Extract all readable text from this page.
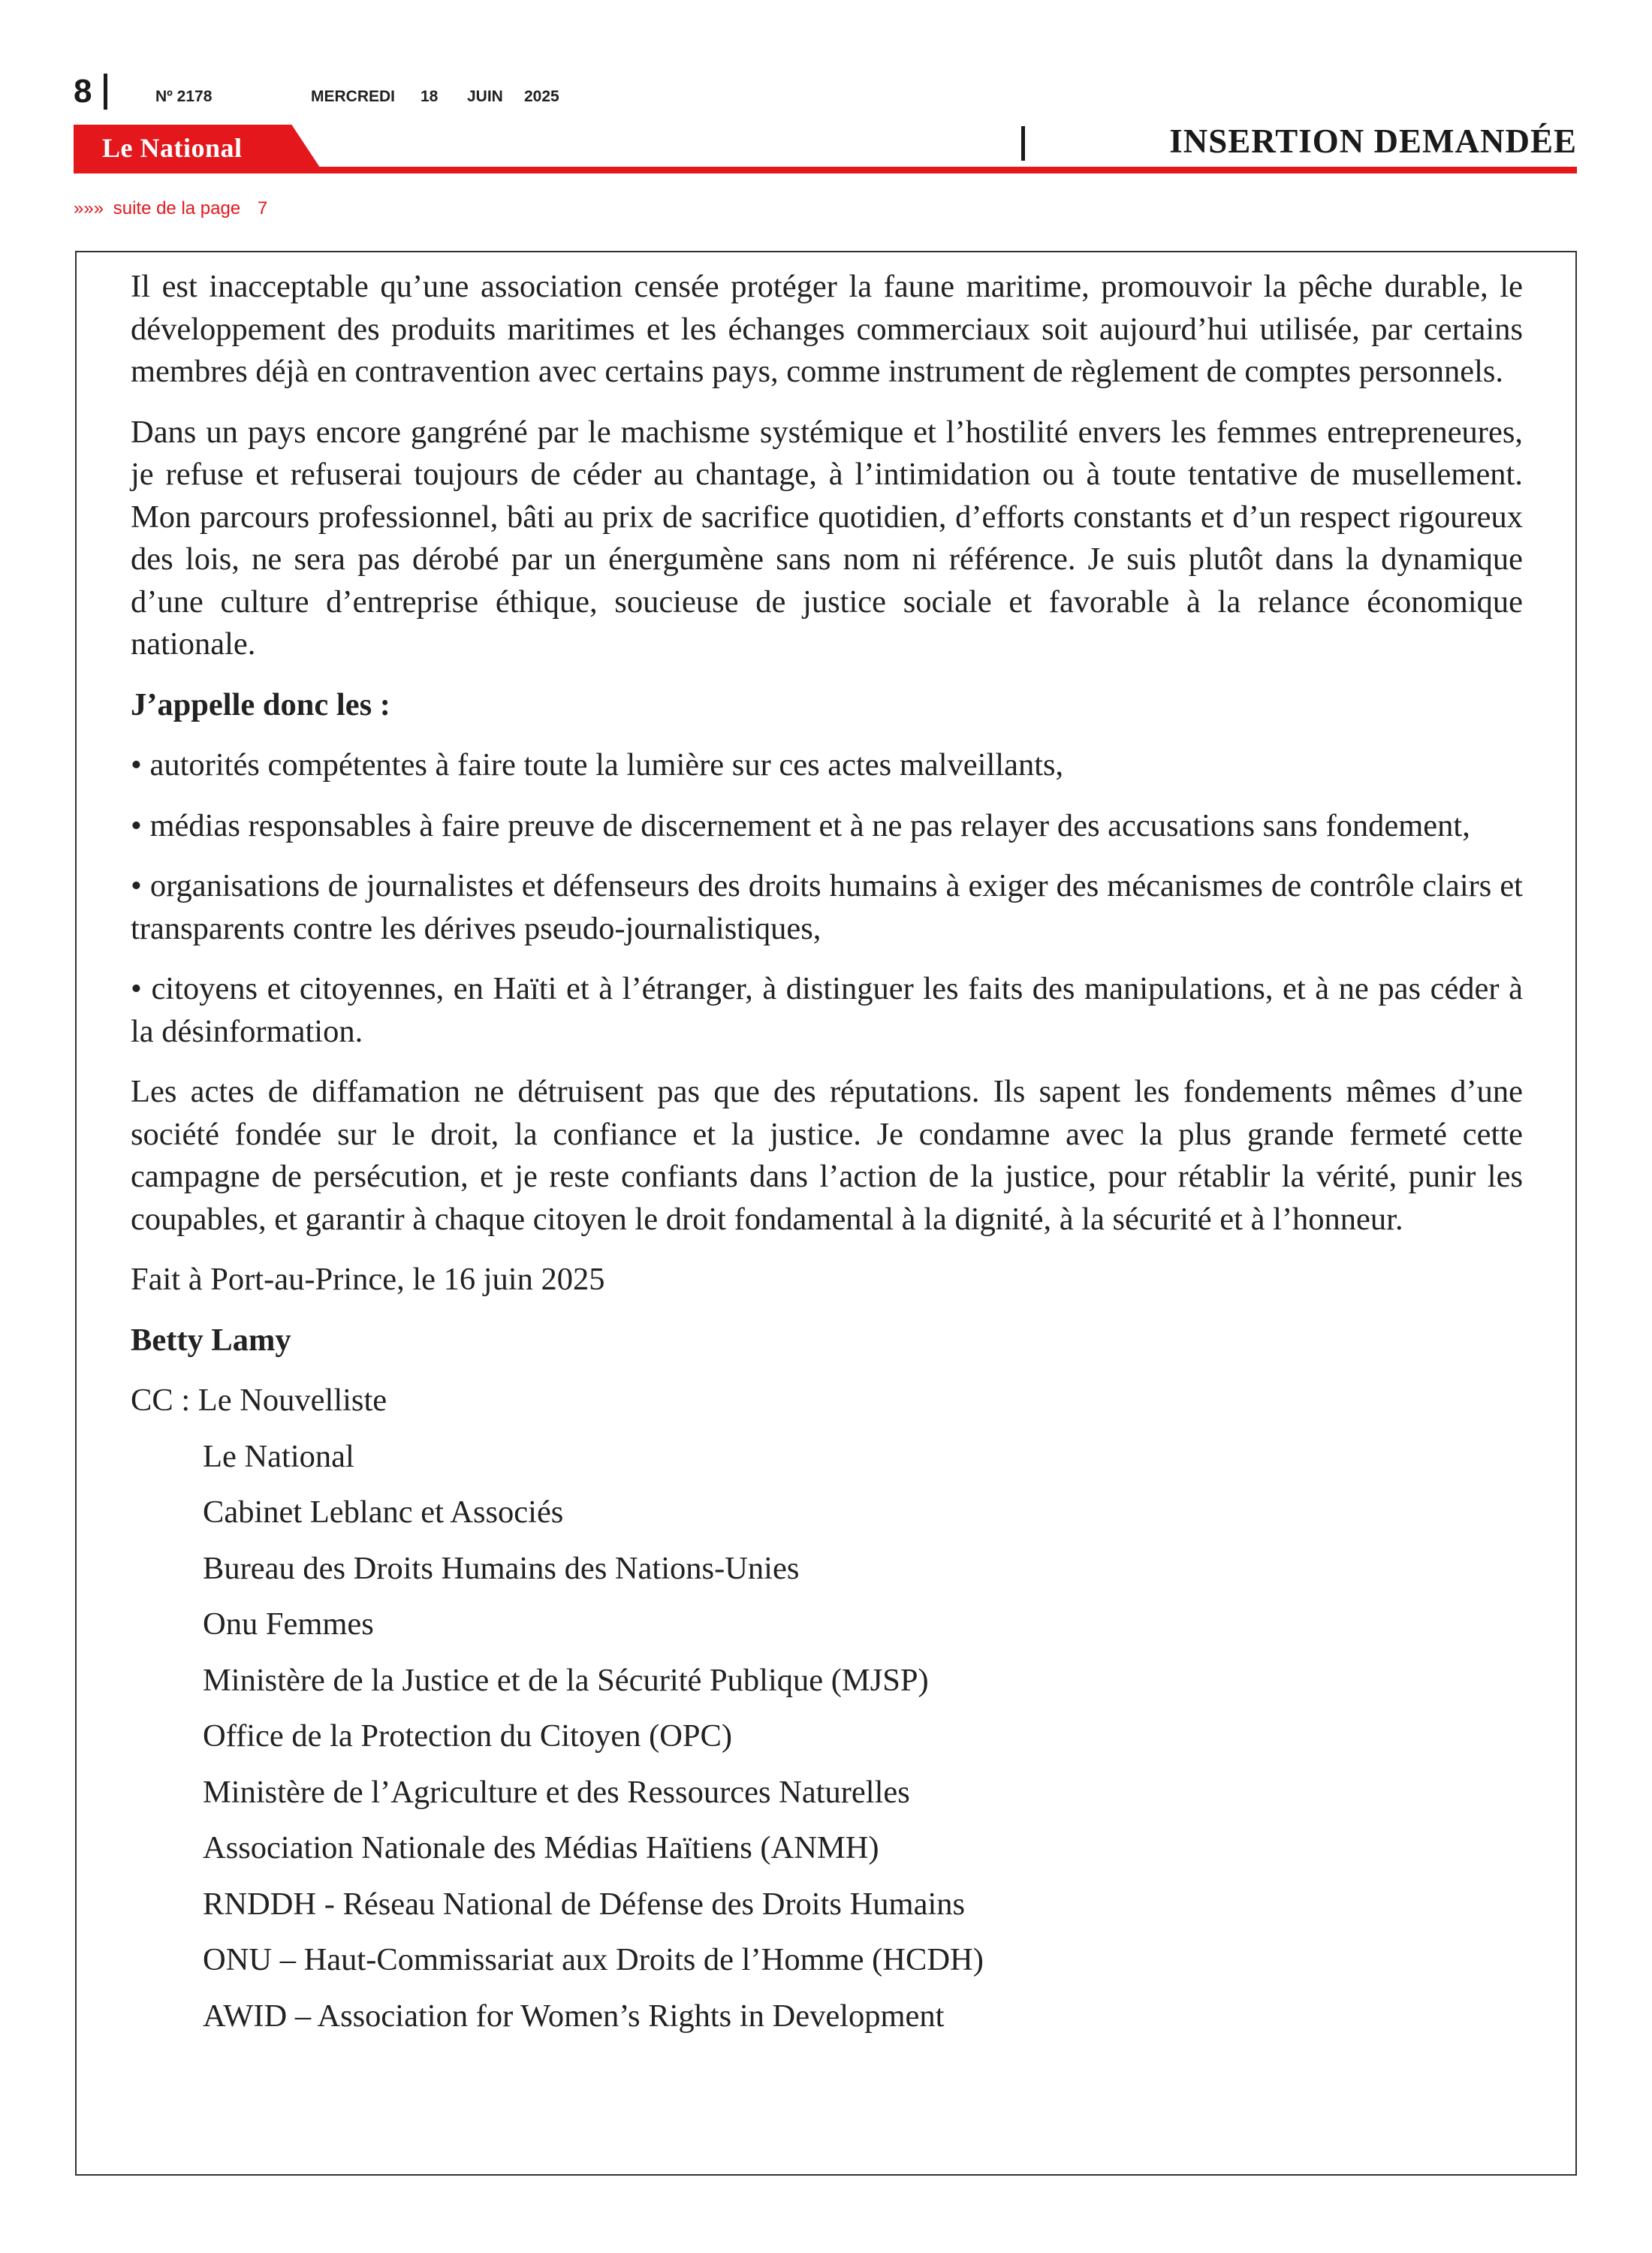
8	Nº 2178	MERCREDI 18 JUIN 2025
Le National	INSERTION DEMANDÉE
»»» suite de la page 7

Il est inacceptable qu’une association censée protéger la faune maritime, promouvoir la pêche durable, le développement des produits maritimes et les échanges commerciaux soit aujourd’hui utilisée, par certains membres déjà en contravention avec certains pays, comme instrument de règlement de comptes personnels.

Dans un pays encore gangréné par le machisme systémique et l’hostilité envers les femmes entrepreneures, je refuse et refuserai toujours de céder au chantage, à l’intimidation ou à toute tentative de musellement. Mon parcours professionnel, bâti au prix de sacrifice quotidien, d’efforts constants et d’un respect rigoureux des lois, ne sera pas dérobé par un énergumène sans nom ni référence. Je suis plutôt dans la dynamique d’une culture d’entreprise éthique, soucieuse de justice sociale et favorable à la relance économique nationale.

J’appelle donc les :

• autorités compétentes à faire toute la lumière sur ces actes malveillants,

• médias responsables à faire preuve de discernement et à ne pas relayer des accusations sans fondement,

• organisations de journalistes et défenseurs des droits humains à exiger des mécanismes de contrôle clairs et transparents contre les dérives pseudo-journalistiques,

• citoyens et citoyennes, en Haïti et à l’étranger, à distinguer les faits des manipulations, et à ne pas céder à la désinformation.

Les actes de diffamation ne détruisent pas que des réputations. Ils sapent les fondements mêmes d’une société fondée sur le droit, la confiance et la justice. Je condamne avec la plus grande fermeté cette campagne de persécution, et je reste confiants dans l’action de la justice, pour rétablir la vérité, punir les coupables, et garantir à chaque citoyen le droit fondamental à la dignité, à la sécurité et à l’honneur.

Fait à Port-au-Prince, le 16 juin 2025

Betty Lamy

CC : Le Nouvelliste
Le National
Cabinet Leblanc et Associés
Bureau des Droits Humains des Nations-Unies
Onu Femmes
Ministère de la Justice et de la Sécurité Publique (MJSP)
Office de la Protection du Citoyen (OPC)
Ministère de l’Agriculture et des Ressources Naturelles
Association Nationale des Médias Haïtiens (ANMH)
RNDDH - Réseau National de Défense des Droits Humains
ONU – Haut-Commissariat aux Droits de l’Homme (HCDH)
AWID – Association for Women’s Rights in Development
